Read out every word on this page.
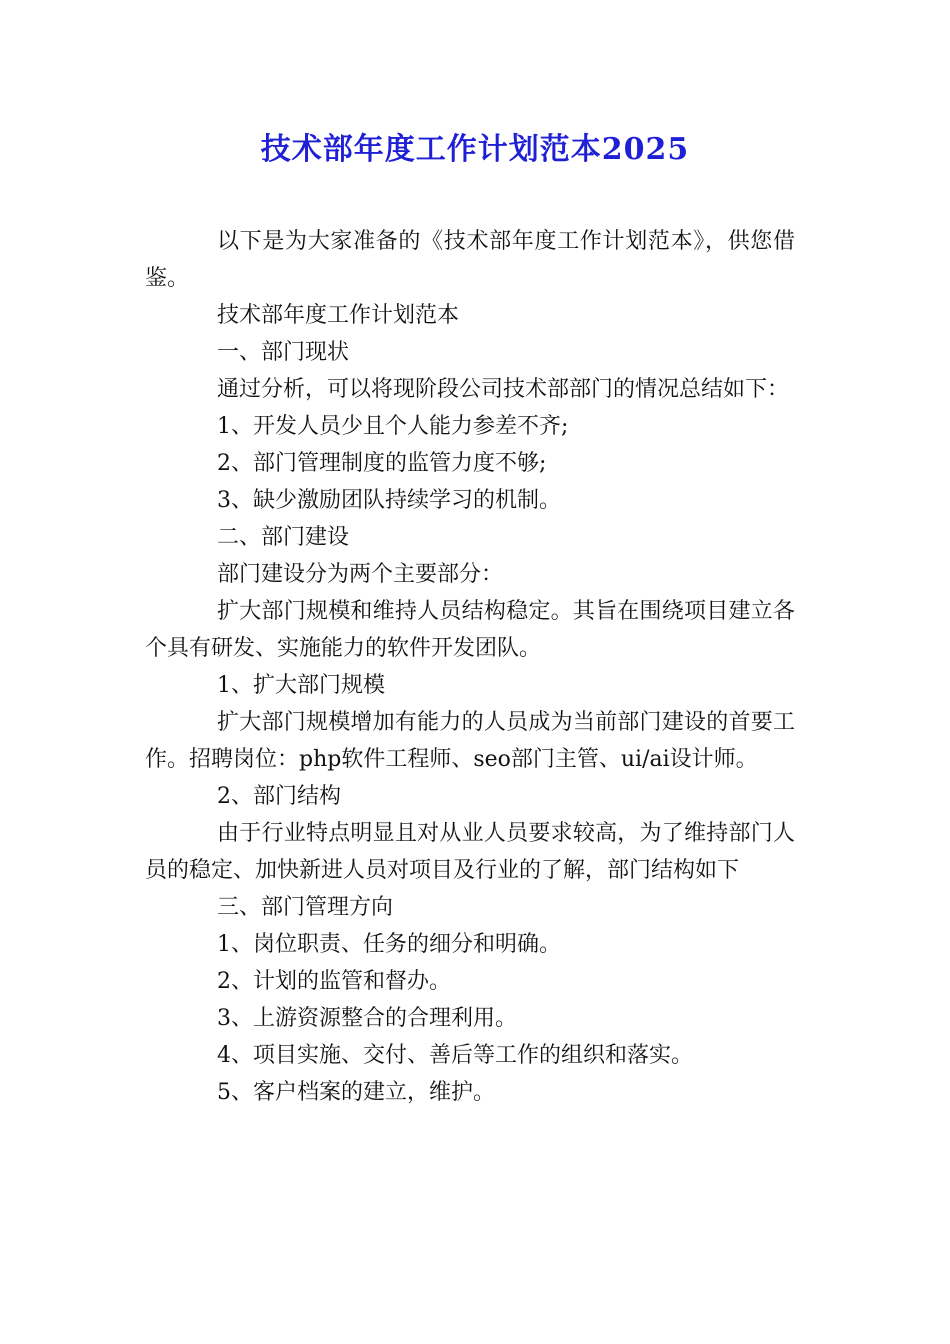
技术部年度工作计划范本2025

以下是为大家准备的《技术部年度工作计划范本》，供您借鉴。

技术部年度工作计划范本

一、部门现状

通过分析，可以将现阶段公司技术部部门的情况总结如下：

1、开发人员少且个人能力参差不齐;

2、部门管理制度的监管力度不够;

3、缺少激励团队持续学习的机制。

二、部门建设

部门建设分为两个主要部分：

扩大部门规模和维持人员结构稳定。其旨在围绕项目建立各个具有研发、实施能力的软件开发团队。

1、扩大部门规模

扩大部门规模增加有能力的人员成为当前部门建设的首要工作。招聘岗位：php软件工程师、seo部门主管、ui/ai设计师。

2、部门结构

由于行业特点明显且对从业人员要求较高，为了维持部门人员的稳定、加快新进人员对项目及行业的了解，部门结构如下

三、部门管理方向

1、岗位职责、任务的细分和明确。

2、计划的监管和督办。

3、上游资源整合的合理利用。

4、项目实施、交付、善后等工作的组织和落实。

5、客户档案的建立，维护。
